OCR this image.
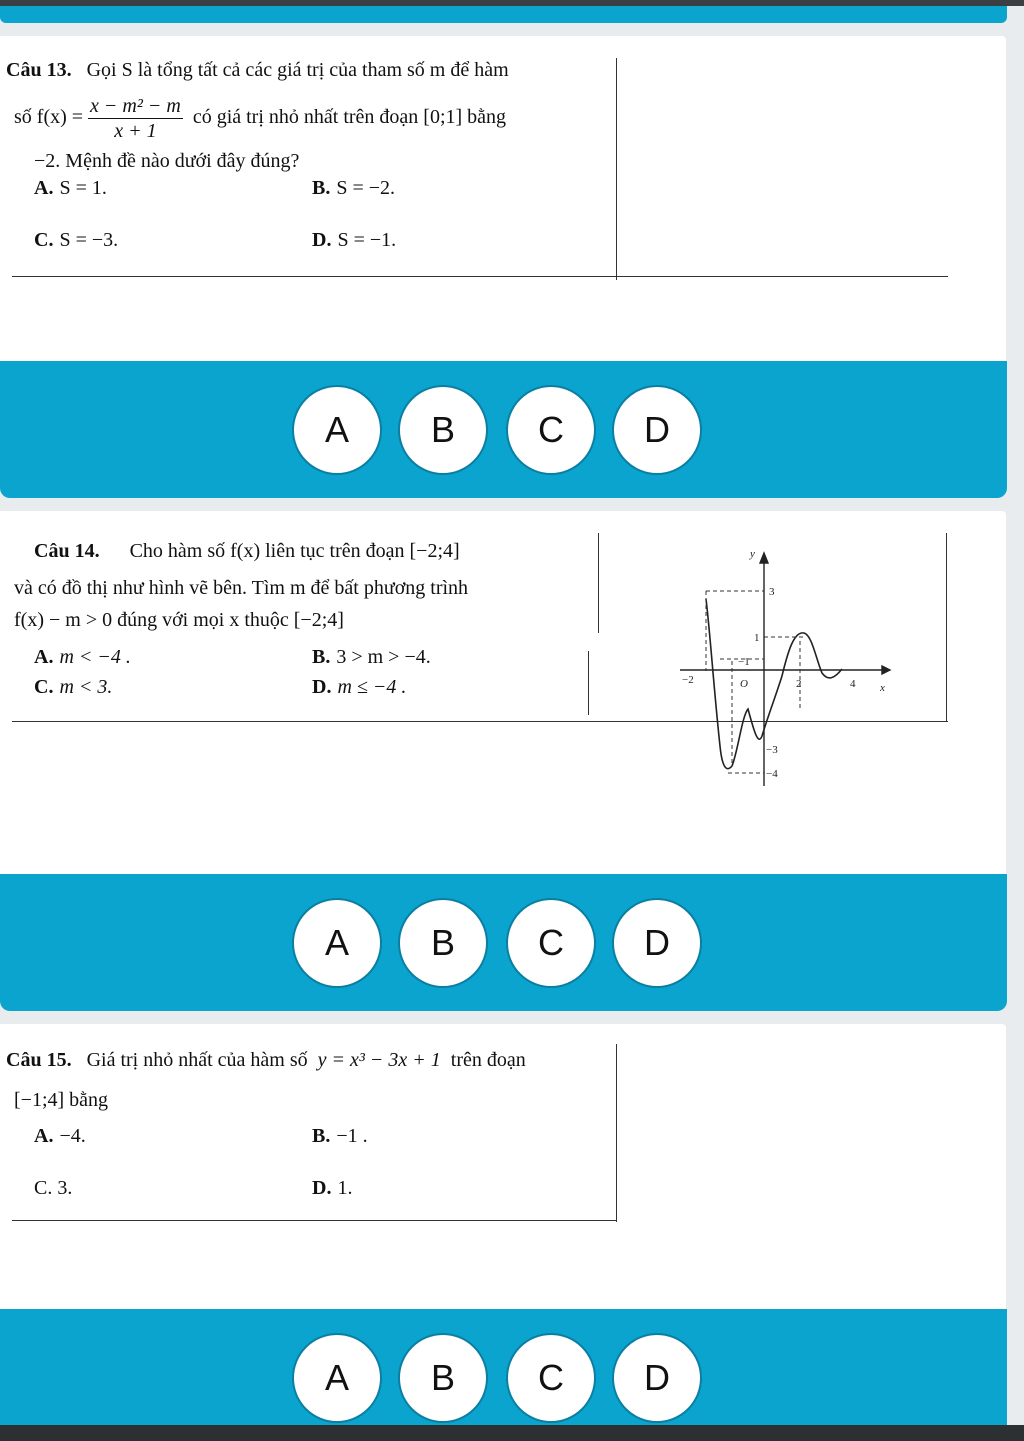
Câu 13. Gọi S là tổng tất cả các giá trị của tham số m để hàm
số $f(x) = \frac{\text{x − m² − m}}{x + 1}$ có giá trị nhỏ nhất trên đoạn [0;1] bằng
−2. Mệnh đề nào dưới đây đúng?
A. S = 1.	B. S = −2.
C. S = −3.	D. S = −1.
A	B	C	D
Câu 14. Cho hàm số f(x) liên tục trên đoạn [−2;4]
và có đồ thị như hình vẽ bên. Tìm m để bất phương trình
f(x) − m > 0 đúng với mọi x thuộc [−2;4]
A. m < −4 .	B. 3 > m > −4.
C. m < 3.	D. m ≤ −4 .
y
x
O
3
1
−1
−2	2	4
−3
−4
A	B	C	D
Câu 15. Giá trị nhỏ nhất của hàm số y = x³ − 3x + 1 trên đoạn
[−1;4] bằng
A. −4.	B. −1 .
C. 3.	D. 1.
A	B	C	D
